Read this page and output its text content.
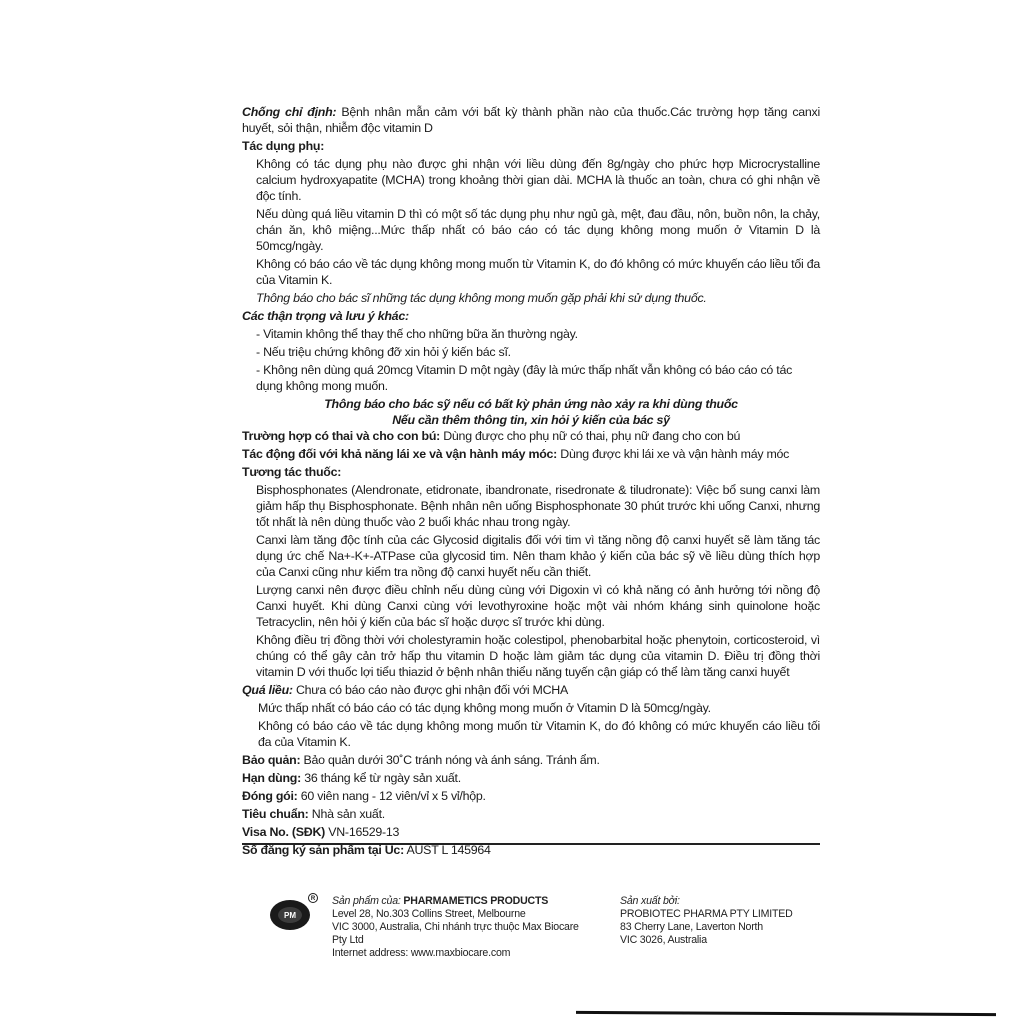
Chống chỉ định: Bệnh nhân mẫn cảm với bất kỳ thành phần nào của thuốc.Các trường hợp tăng canxi huyết, sỏi thận, nhiễm độc vitamin D

Tác dụng phụ:

Không có tác dụng phụ nào được ghi nhận với liều dùng đến 8g/ngày cho phức hợp Microcrystalline calcium hydroxyapatite (MCHA) trong khoảng thời gian dài. MCHA là thuốc an toàn, chưa có ghi nhận về độc tính.

Nếu dùng quá liều vitamin D thì có một số tác dụng phụ như ngủ gà, mệt, đau đầu, nôn, buồn nôn, la chảy, chán ăn, khô miệng...Mức thấp nhất có báo cáo có tác dụng không mong muốn ở Vitamin D là 50mcg/ngày.

Không có báo cáo về tác dụng không mong muốn từ Vitamin K, do đó không có mức khuyến cáo liều tối đa của Vitamin K.

Thông báo cho bác sĩ những tác dụng không mong muốn gặp phải khi sử dụng thuốc.

Các thận trọng và lưu ý khác:

- Vitamin không thể thay thế cho những bữa ăn thường ngày.

- Nếu triệu chứng không đỡ xin hỏi ý kiến bác sĩ.

- Không nên dùng quá 20mcg Vitamin D một ngày (đây là mức thấp nhất vẫn không có báo cáo có tác dụng không mong muốn.

Thông báo cho bác sỹ nếu có bất kỳ phản ứng nào xảy ra khi dùng thuốc

Nếu cần thêm thông tin, xin hỏi ý kiến của bác sỹ

Trường hợp có thai và cho con bú: Dùng được cho phụ nữ có thai, phụ nữ đang cho con bú

Tác động đối với khả năng lái xe và vận hành máy móc: Dùng được khi lái xe và vận hành máy móc

Tương tác thuốc:

Bisphosphonates (Alendronate, etidronate, ibandronate, risedronate & tiludronate): Việc bổ sung canxi làm giảm hấp thụ Bisphosphonate. Bệnh nhân nên uống Bisphosphonate 30 phút trước khi uống Canxi, nhưng tốt nhất là nên dùng thuốc vào 2 buổi khác nhau trong ngày.

Canxi làm tăng độc tính của các Glycosid digitalis đối với tim vì tăng nồng độ canxi huyết sẽ làm tăng tác dụng ức chế Na+-K+-ATPase của glycosid tim. Nên tham khảo ý kiến của bác sỹ về liều dùng thích hợp của Canxi cũng như kiểm tra nồng độ canxi huyết nếu cần thiết.

Lượng canxi nên được điều chỉnh nếu dùng cùng với Digoxin vì có khả năng có ảnh hưởng tới nồng độ Canxi huyết. Khi dùng Canxi cùng với levothyroxine hoặc một vài nhóm kháng sinh quinolone hoặc Tetracyclin, nên hỏi ý kiến của bác sĩ hoặc dược sĩ trước khi dùng.

Không điều trị đồng thời với cholestyramin hoặc colestipol, phenobarbital hoặc phenytoin, corticosteroid, vì chúng có thể gây cản trở hấp thu vitamin D hoặc làm giảm tác dụng của vitamin D. Điều trị đồng thời vitamin D với thuốc lợi tiểu thiazid ở bệnh nhân thiểu năng tuyến cận giáp có thể làm tăng canxi huyết

Quá liều: Chưa có báo cáo nào được ghi nhận đối với MCHA

Mức thấp nhất có báo cáo có tác dụng không mong muốn ở Vitamin D là 50mcg/ngày.

Không có báo cáo về tác dụng không mong muốn từ Vitamin K, do đó không có mức khuyến cáo liều tối đa của Vitamin K.

Bảo quản: Bảo quản dưới 30˚C tránh nóng và ánh sáng. Tránh ẩm.

Hạn dùng: 36 tháng kể từ ngày sản xuất.

Đóng gói: 60 viên nang - 12 viên/vỉ x 5 vỉ/hộp.

Tiêu chuẩn: Nhà sản xuất.

Visa No. (SĐK) VN-16529-13

Số đăng ký sản phẩm tại Úc: AUST L 145964

R
PM
Sản phẩm của: PHARMAMETICS PRODUCTS
Level 28, No.303 Collins Street, Melbourne
VIC 3000, Australia, Chi nhánh trực thuộc Max Biocare
Pty Ltd
Internet address: www.maxbiocare.com
Sản xuất bởi:
PROBIOTEC PHARMA PTY LIMITED
83 Cherry Lane, Laverton North
VIC 3026, Australia
